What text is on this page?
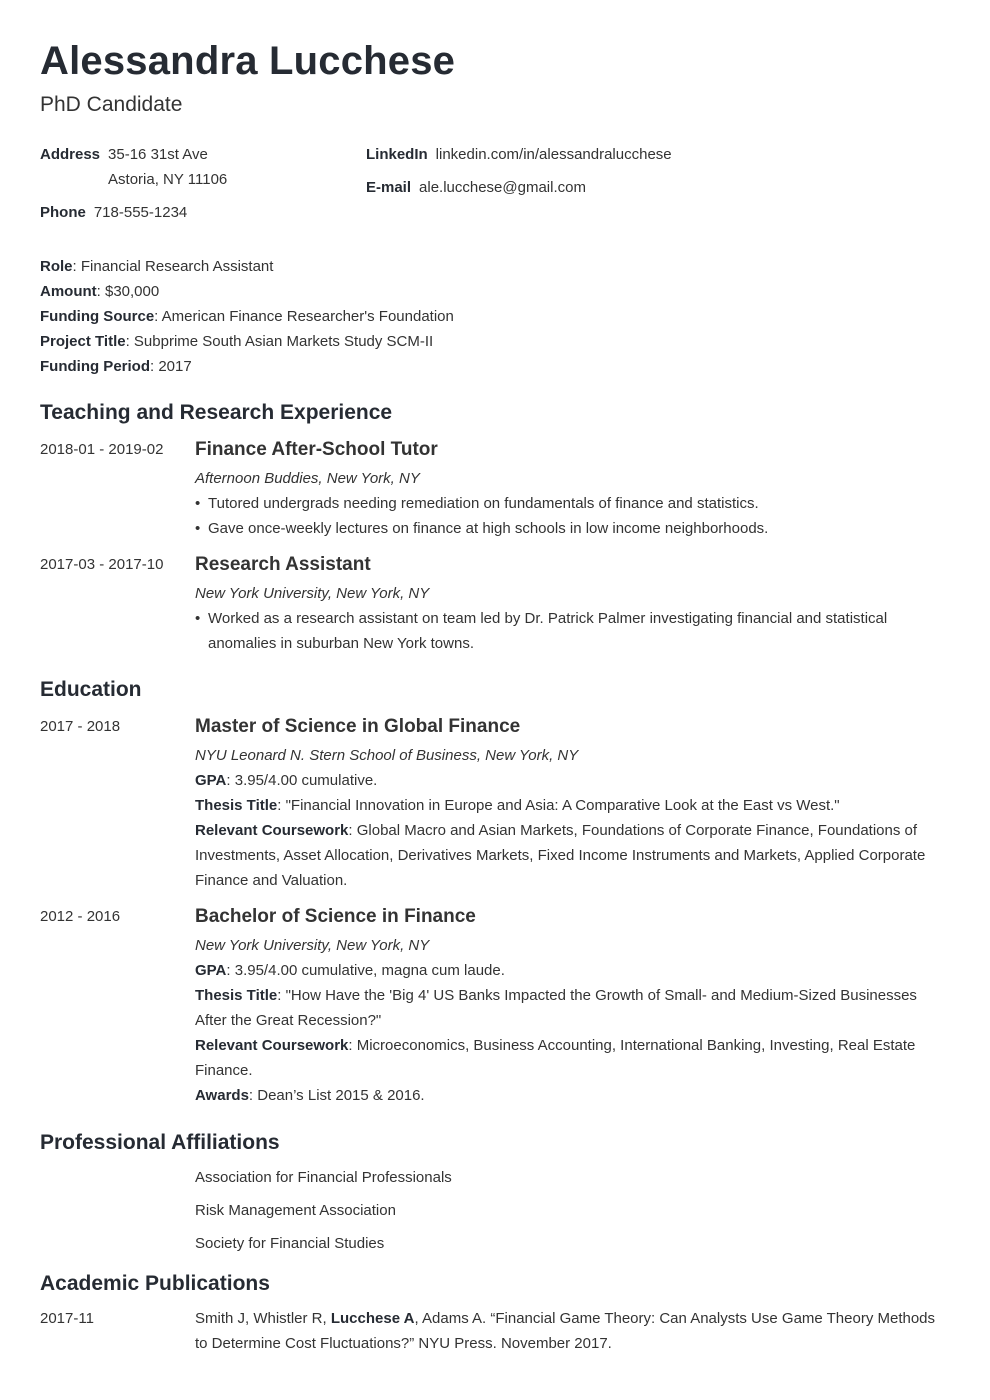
Alessandra Lucchese
PhD Candidate
Address 35-16 31st Ave
Astoria, NY 11106
Phone 718-555-1234
LinkedIn linkedin.com/in/alessandralucchese
E-mail ale.lucchese@gmail.com
Role: Financial Research Assistant
Amount: $30,000
Funding Source: American Finance Researcher's Foundation
Project Title: Subprime South Asian Markets Study SCM-II
Funding Period: 2017
Teaching and Research Experience
2018-01 - 2019-02	Finance After-School Tutor
Afternoon Buddies, New York, NY
• Tutored undergrads needing remediation on fundamentals of finance and statistics.
• Gave once-weekly lectures on finance at high schools in low income neighborhoods.
2017-03 - 2017-10	Research Assistant
New York University, New York, NY
• Worked as a research assistant on team led by Dr. Patrick Palmer investigating financial and statistical anomalies in suburban New York towns.
Education
2017 - 2018	Master of Science in Global Finance
NYU Leonard N. Stern School of Business, New York, NY
GPA: 3.95/4.00 cumulative.
Thesis Title: "Financial Innovation in Europe and Asia: A Comparative Look at the East vs West."
Relevant Coursework: Global Macro and Asian Markets, Foundations of Corporate Finance, Foundations of Investments, Asset Allocation, Derivatives Markets, Fixed Income Instruments and Markets, Applied Corporate Finance and Valuation.
2012 - 2016	Bachelor of Science in Finance
New York University, New York, NY
GPA: 3.95/4.00 cumulative, magna cum laude.
Thesis Title: "How Have the 'Big 4' US Banks Impacted the Growth of Small- and Medium-Sized Businesses After the Great Recession?"
Relevant Coursework: Microeconomics, Business Accounting, International Banking, Investing, Real Estate Finance.
Awards: Dean’s List 2015 & 2016.
Professional Affiliations
Association for Financial Professionals
Risk Management Association
Society for Financial Studies
Academic Publications
2017-11	Smith J, Whistler R, Lucchese A, Adams A. “Financial Game Theory: Can Analysts Use Game Theory Methods to Determine Cost Fluctuations?” NYU Press. November 2017.
